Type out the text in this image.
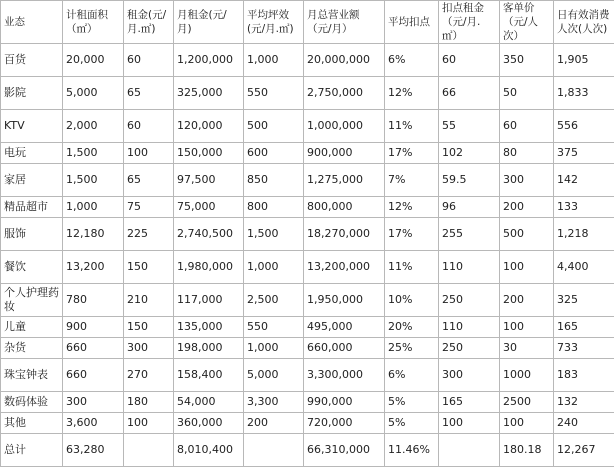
业态	计租面积（㎡）	租金(元/月.㎡)	月租金(元/月)	平均坪效(元/月.㎡)	月总营业额（元/月）	平均扣点	扣点租金（元/月.㎡）	客单价（元/人次）	日有效消费人次(人次)
百货	20,000	60	1,200,000	1,000	20,000,000	6%	60	350	1,905
影院	5,000	65	325,000	550	2,750,000	12%	66	50	1,833
KTV	2,000	60	120,000	500	1,000,000	11%	55	60	556
电玩	1,500	100	150,000	600	900,000	17%	102	80	375
家居	1,500	65	97,500	850	1,275,000	7%	59.5	300	142
精品超市	1,000	75	75,000	800	800,000	12%	96	200	133
服饰	12,180	225	2,740,500	1,500	18,270,000	17%	255	500	1,218
餐饮	13,200	150	1,980,000	1,000	13,200,000	11%	110	100	4,400
个人护理药妆	780	210	117,000	2,500	1,950,000	10%	250	200	325
儿童	900	150	135,000	550	495,000	20%	110	100	165
杂货	660	300	198,000	1,000	660,000	25%	250	30	733
珠宝钟表	660	270	158,400	5,000	3,300,000	6%	300	1000	183
数码体验	300	180	54,000	3,300	990,000	5%	165	2500	132
其他	3,600	100	360,000	200	720,000	5%	100	100	240
总计	63,280		8,010,400		66,310,000	11.46%		180.18	12,267
